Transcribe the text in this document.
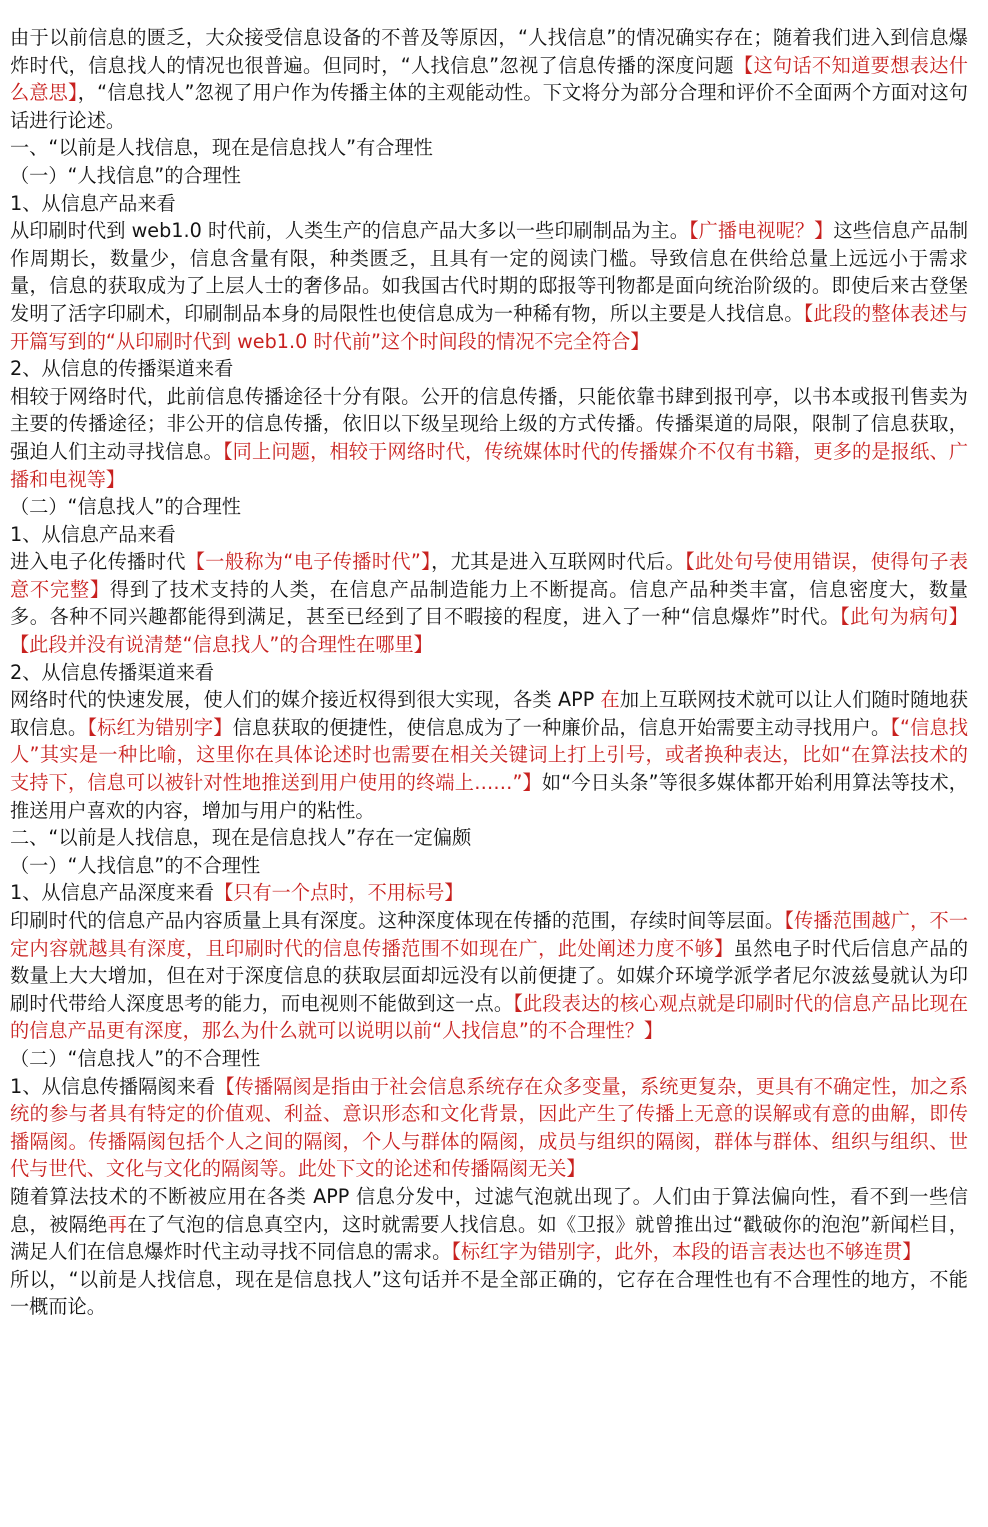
由于以前信息的匮乏，大众接受信息设备的不普及等原因，“人找信息”的情况确实存在；随着我们进入到信息爆炸时代，信息找人的情况也很普遍。但同时，“人找信息”忽视了信息传播的深度问题【这句话不知道要想表达什么意思】，“信息找人”忽视了用户作为传播主体的主观能动性。下文将分为部分合理和评价不全面两个方面对这句话进行论述。

一、“以前是人找信息，现在是信息找人”有合理性

（一）“人找信息”的合理性

1、从信息产品来看

从印刷时代到 web1.0 时代前，人类生产的信息产品大多以一些印刷制品为主。【广播电视呢？】这些信息产品制作周期长，数量少，信息含量有限，种类匮乏，且具有一定的阅读门槛。导致信息在供给总量上远远小于需求量，信息的获取成为了上层人士的奢侈品。如我国古代时期的邸报等刊物都是面向统治阶级的。即使后来古登堡发明了活字印刷术，印刷制品本身的局限性也使信息成为一种稀有物，所以主要是人找信息。【此段的整体表述与开篇写到的“从印刷时代到 web1.0 时代前”这个时间段的情况不完全符合】

2、从信息的传播渠道来看

相较于网络时代，此前信息传播途径十分有限。公开的信息传播，只能依靠书肆到报刊亭，以书本或报刊售卖为主要的传播途径；非公开的信息传播，依旧以下级呈现给上级的方式传播。传播渠道的局限，限制了信息获取，强迫人们主动寻找信息。【同上问题，相较于网络时代，传统媒体时代的传播媒介不仅有书籍，更多的是报纸、广播和电视等】

（二）“信息找人”的合理性

1、从信息产品来看

进入电子化传播时代【一般称为“电子传播时代”】，尤其是进入互联网时代后。【此处句号使用错误，使得句子表意不完整】得到了技术支持的人类，在信息产品制造能力上不断提高。信息产品种类丰富，信息密度大，数量多。各种不同兴趣都能得到满足，甚至已经到了目不暇接的程度，进入了一种“信息爆炸”时代。【此句为病句】【此段并没有说清楚“信息找人”的合理性在哪里】

2、从信息传播渠道来看

网络时代的快速发展，使人们的媒介接近权得到很大实现，各类 APP 在加上互联网技术就可以让人们随时随地获取信息。【标红为错别字】信息获取的便捷性，使信息成为了一种廉价品，信息开始需要主动寻找用户。【“信息找人”其实是一种比喻，这里你在具体论述时也需要在相关关键词上打上引号，或者换种表达，比如“在算法技术的支持下，信息可以被针对性地推送到用户使用的终端上……”】如“今日头条”等很多媒体都开始利用算法等技术，推送用户喜欢的内容，增加与用户的粘性。

二、“以前是人找信息，现在是信息找人”存在一定偏颇

（一）“人找信息”的不合理性

1、从信息产品深度来看【只有一个点时，不用标号】

印刷时代的信息产品内容质量上具有深度。这种深度体现在传播的范围，存续时间等层面。【传播范围越广，不一定内容就越具有深度，且印刷时代的信息传播范围不如现在广，此处阐述力度不够】虽然电子时代后信息产品的数量上大大增加，但在对于深度信息的获取层面却远没有以前便捷了。如媒介环境学派学者尼尔波兹曼就认为印刷时代带给人深度思考的能力，而电视则不能做到这一点。【此段表达的核心观点就是印刷时代的信息产品比现在的信息产品更有深度，那么为什么就可以说明以前“人找信息”的不合理性？】

（二）“信息找人”的不合理性

1、从信息传播隔阂来看【传播隔阂是指由于社会信息系统存在众多变量，系统更复杂，更具有不确定性，加之系统的参与者具有特定的价值观、利益、意识形态和文化背景，因此产生了传播上无意的误解或有意的曲解，即传播隔阂。传播隔阂包括个人之间的隔阂，个人与群体的隔阂，成员与组织的隔阂，群体与群体、组织与组织、世代与世代、文化与文化的隔阂等。此处下文的论述和传播隔阂无关】

随着算法技术的不断被应用在各类 APP 信息分发中，过滤气泡就出现了。人们由于算法偏向性，看不到一些信息，被隔绝再在了气泡的信息真空内，这时就需要人找信息。如《卫报》就曾推出过“戳破你的泡泡”新闻栏目，满足人们在信息爆炸时代主动寻找不同信息的需求。【标红字为错别字，此外，本段的语言表达也不够连贯】

所以，“以前是人找信息，现在是信息找人”这句话并不是全部正确的，它存在合理性也有不合理性的地方，不能一概而论。
